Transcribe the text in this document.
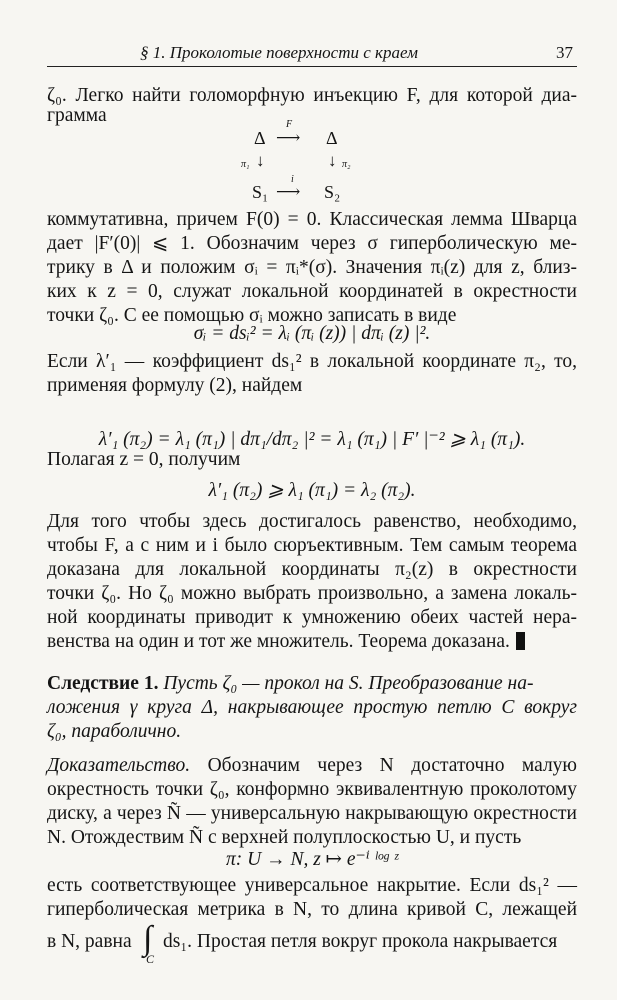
§ 1. Проколотые поверхности с краем	37
ζ₀. Легко найти голоморфную инъекцию F, для которой диа-
грамма
Δ ⟶
F
Δ
π₁ ↓	↓ π₂
S₁ ⟶
i
S₂
коммутативна, причем F(0) = 0. Классическая лемма Шварца
дает |F′(0)| ⩽ 1. Обозначим через σ гиперболическую ме-
трику в Δ и положим σᵢ = πᵢ*(σ). Значения πᵢ(z) для z, близ-
ких к z = 0, служат локальной координатей в окрестности
точки ζ₀. С ее помощью σᵢ можно записать в виде
σᵢ = dsᵢ² = λᵢ (πᵢ (z)) | dπᵢ (z) |².
Если λ′₁ — коэффициент ds₁² в локальной координате π₂, то,
применяя формулу (2), найдем
λ′₁ (π₂) = λ₁ (π₁) | dπ₁/dπ₂ |² = λ₁ (π₁) | F′ |⁻² ⩾ λ₁ (π₁).
Полагая z = 0, получим
λ′₁ (π₂) ⩾ λ₁ (π₁) = λ₂ (π₂).
Для того чтобы здесь достигалось равенство, необходимо,
чтобы F, а с ним и i было сюръективным. Тем самым теорема
доказана для локальной координаты π₂(z) в окрестности
точки ζ₀. Но ζ₀ можно выбрать произвольно, а замена локаль-
ной координаты приводит к умножению обеих частей нера-
венства на один и тот же множитель. Теорема доказана.
Следствие 1. Пусть ζ₀ — прокол на S. Преобразование на-
ложения γ круга Δ, накрывающее простую петлю C вокруг
ζ₀, параболично.
Доказательство. Обозначим через N достаточно малую
окрестность точки ζ₀, конформно эквивалентную проколотому
диску, а через Ñ — универсальную накрывающую окрестности
N. Отождествим Ñ с верхней полуплоскостью U, и пусть
π: U → N, z ↦ e⁻ⁱ ˡᵒᵍ ᶻ
есть соответствующее универсальное накрытие. Если ds₁² —
гиперболическая метрика в N, то длина кривой C, лежащей
в N, равна ∫
C
ds₁. Простая петля вокруг прокола накрывается
